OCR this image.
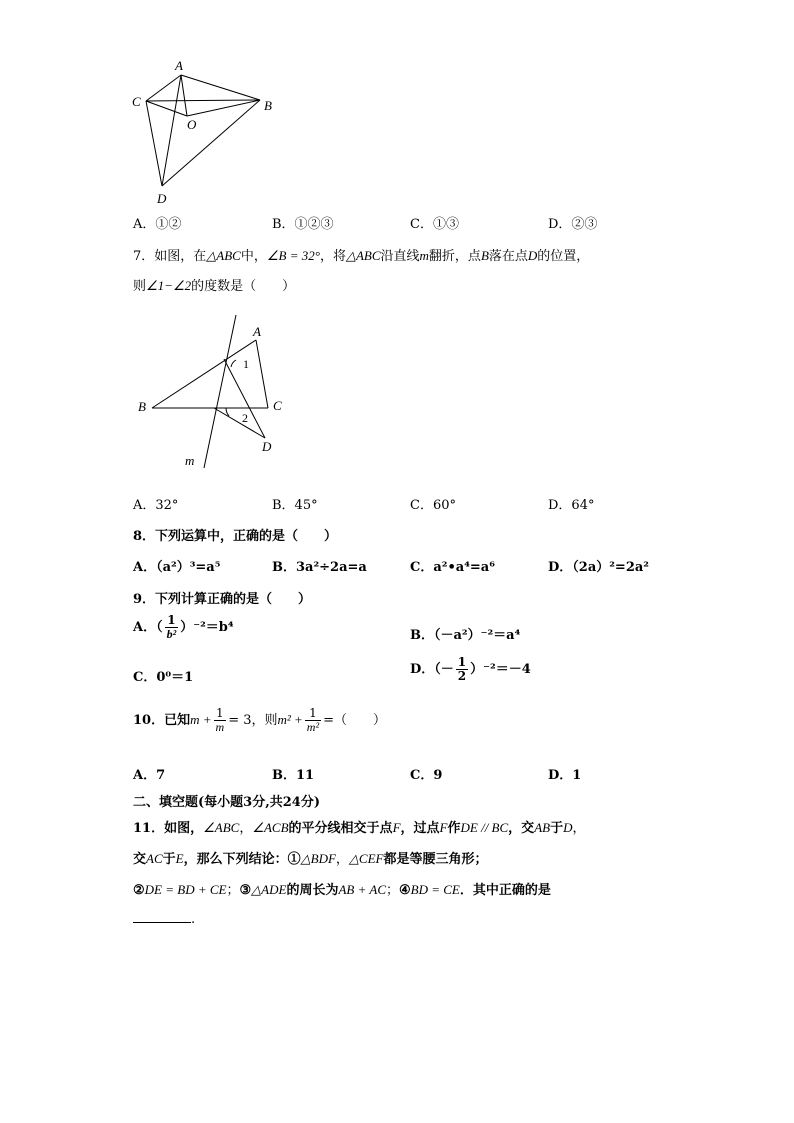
A
C	B
O
D
A．①②	B．①②③	C．①③	D．②③
7．如图，在△ABC中，∠B = 32°，将△ABC沿直线m翻折，点B落在点D的位置，
则∠1−∠2的度数是（　　）
A
1
B	C
2
D
m
A．32°	B．45°	C．60°	D．64°
8．下列运算中，正确的是（　　）
A．（a²）³=a⁵	B．3a²÷2a=a	C．a²•a⁴=a⁶	D．（2a）²=2a²
9．下列计算正确的是（　　）
A．（ $\frac{1}{\text{b²}} )^{-2}=b^4$
B．（－a²）⁻²＝a⁴
C．0⁰＝1
D．（－ $\frac{1}{2} )^{-2}=-4$
10．已知$m + \frac{1}{m} = 3$，则$m^2 + \frac{1}{\text{m²}}$ =（　　）
A．7	B．11	C．9	D．1
二、填空题(每小题3分,共24分)
11．如图，∠ABC，∠ACB的平分线相交于点F，过点F作DE // BC，交AB于D，
交AC于E，那么下列结论：①△BDF，△CEF都是等腰三角形；
②DE = BD + CE；③△ADE的周长为AB + AC；④BD = CE．其中正确的是
.
